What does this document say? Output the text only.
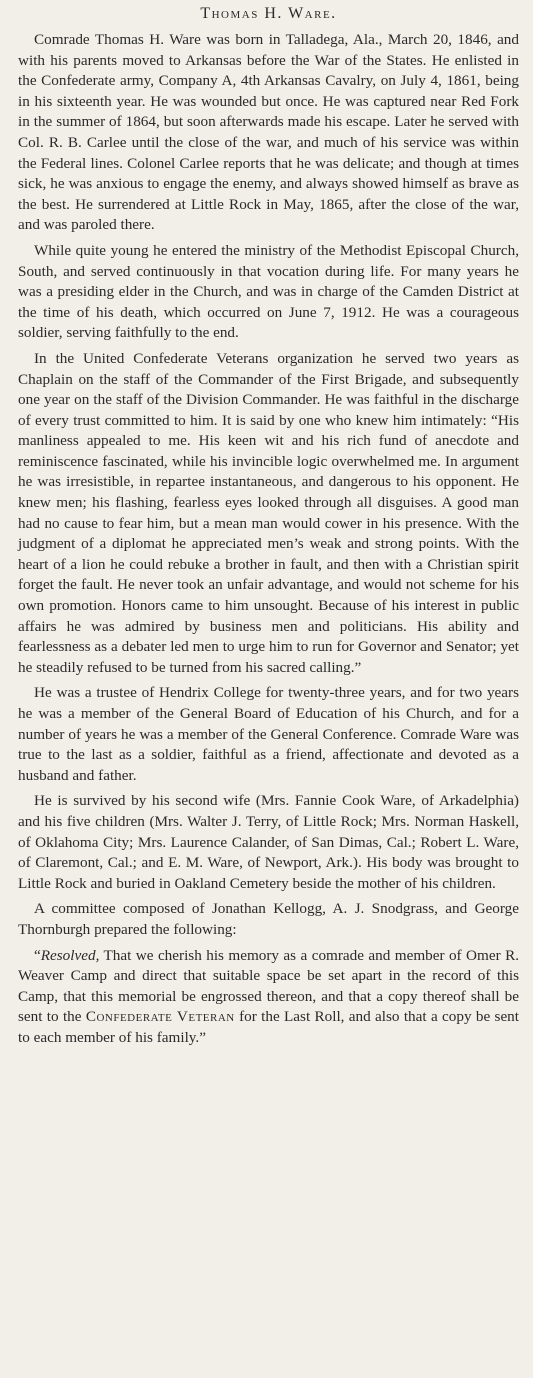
Thomas H. Ware.

Comrade Thomas H. Ware was born in Talladega, Ala., March 20, 1846, and with his parents moved to Arkansas before the War of the States. He enlisted in the Confederate army, Company A, 4th Arkansas Cavalry, on July 4, 1861, being in his sixteenth year. He was wounded but once. He was captured near Red Fork in the summer of 1864, but soon afterwards made his escape. Later he served with Col. R. B. Carlee until the close of the war, and much of his service was within the Federal lines. Colonel Carlee reports that he was delicate; and though at times sick, he was anxious to engage the enemy, and always showed himself as brave as the best. He surrendered at Little Rock in May, 1865, after the close of the war, and was paroled there.

While quite young he entered the ministry of the Methodist Episcopal Church, South, and served continuously in that vocation during life. For many years he was a presiding elder in the Church, and was in charge of the Camden District at the time of his death, which occurred on June 7, 1912. He was a courageous soldier, serving faithfully to the end.

In the United Confederate Veterans organization he served two years as Chaplain on the staff of the Commander of the First Brigade, and subsequently one year on the staff of the Division Commander. He was faithful in the discharge of every trust committed to him. It is said by one who knew him intimately: “His manliness appealed to me. His keen wit and his rich fund of anecdote and reminiscence fascinated, while his invincible logic overwhelmed me. In argument he was irresistible, in repartee instantaneous, and dangerous to his opponent. He knew men; his flashing, fearless eyes looked through all disguises. A good man had no cause to fear him, but a mean man would cower in his presence. With the judgment of a diplomat he appreciated men’s weak and strong points. With the heart of a lion he could rebuke a brother in fault, and then with a Christian spirit forget the fault. He never took an unfair advantage, and would not scheme for his own promotion. Honors came to him unsought. Because of his interest in public affairs he was admired by business men and politicians. His ability and fearlessness as a debater led men to urge him to run for Governor and Senator; yet he steadily refused to be turned from his sacred calling.”

He was a trustee of Hendrix College for twenty-three years, and for two years he was a member of the General Board of Education of his Church, and for a number of years he was a member of the General Conference. Comrade Ware was true to the last as a soldier, faithful as a friend, affectionate and devoted as a husband and father.

He is survived by his second wife (Mrs. Fannie Cook Ware, of Arkadelphia) and his five children (Mrs. Walter J. Terry, of Little Rock; Mrs. Norman Haskell, of Oklahoma City; Mrs. Laurence Calander, of San Dimas, Cal.; Robert L. Ware, of Claremont, Cal.; and E. M. Ware, of Newport, Ark.). His body was brought to Little Rock and buried in Oakland Cemetery beside the mother of his children.

A committee composed of Jonathan Kellogg, A. J. Snodgrass, and George Thornburgh prepared the following:

“Resolved, That we cherish his memory as a comrade and member of Omer R. Weaver Camp and direct that suitable space be set apart in the record of this Camp, that this memorial be engrossed thereon, and that a copy thereof shall be sent to the Confederate Veteran for the Last Roll, and also that a copy be sent to each member of his family.”
